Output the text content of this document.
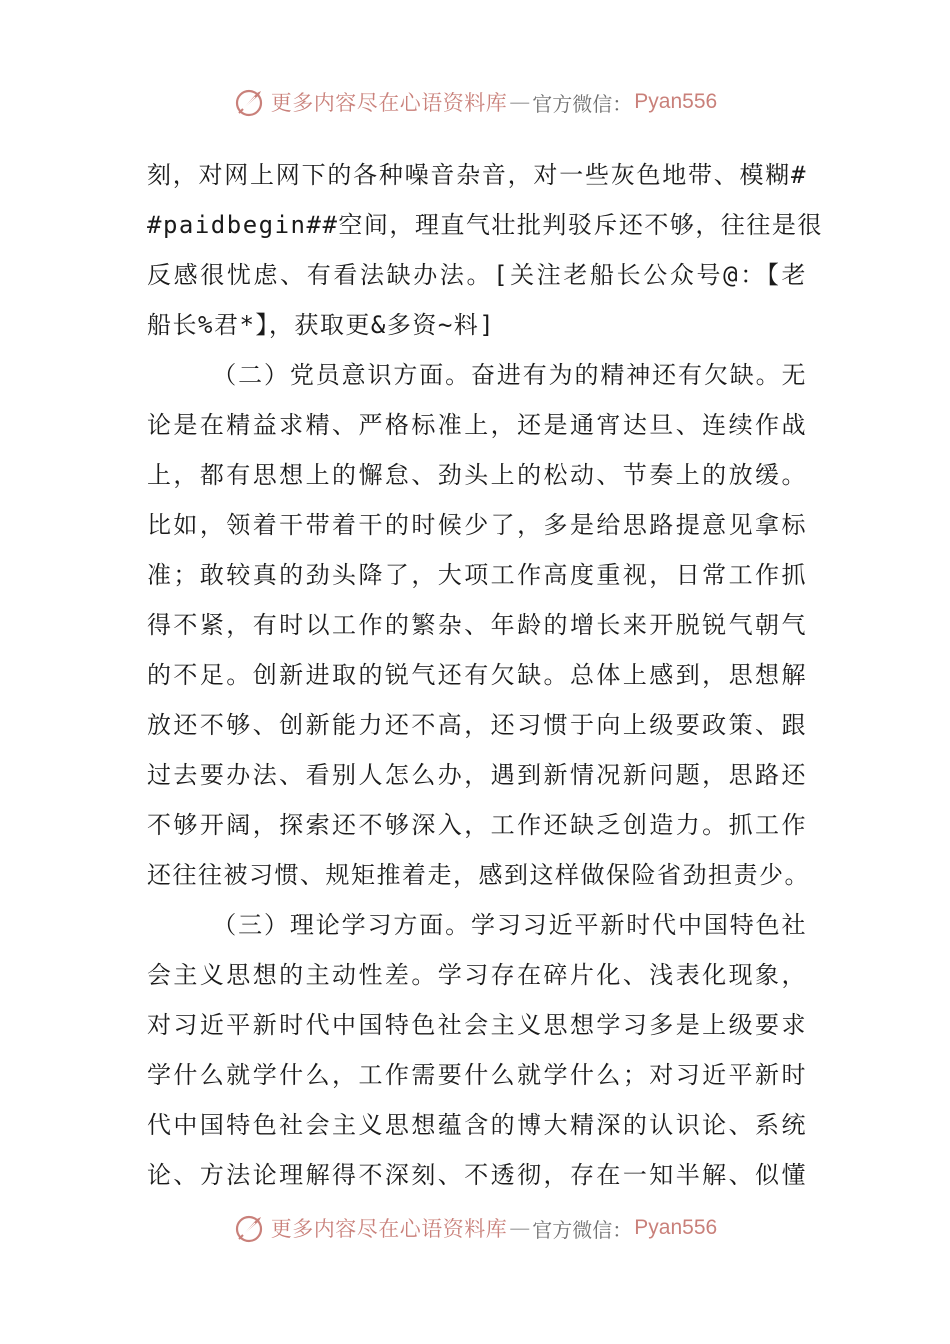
更多内容尽在心语资料库 — 官方微信： Pyan556
刻，对网上网下的各种噪音杂音，对一些灰色地带、模糊#
#paidbegin##空间，理直气壮批判驳斥还不够，往往是很
反感很忧虑、有看法缺办法。[关注老船长公众号@：【老
船长%君*】，获取更&多资~料]
（二）党员意识方面。奋进有为的精神还有欠缺。无
论是在精益求精、严格标准上，还是通宵达旦、连续作战
上，都有思想上的懈怠、劲头上的松动、节奏上的放缓。
比如，领着干带着干的时候少了，多是给思路提意见拿标
准；敢较真的劲头降了，大项工作高度重视，日常工作抓
得不紧，有时以工作的繁杂、年龄的增长来开脱锐气朝气
的不足。创新进取的锐气还有欠缺。总体上感到，思想解
放还不够、创新能力还不高，还习惯于向上级要政策、跟
过去要办法、看别人怎么办，遇到新情况新问题，思路还
不够开阔，探索还不够深入，工作还缺乏创造力。抓工作
还往往被习惯、规矩推着走，感到这样做保险省劲担责少。
（三）理论学习方面。学习习近平新时代中国特色社
会主义思想的主动性差。学习存在碎片化、浅表化现象，
对习近平新时代中国特色社会主义思想学习多是上级要求
学什么就学什么，工作需要什么就学什么；对习近平新时
代中国特色社会主义思想蕴含的博大精深的认识论、系统
论、方法论理解得不深刻、不透彻，存在一知半解、似懂
更多内容尽在心语资料库 — 官方微信： Pyan556
